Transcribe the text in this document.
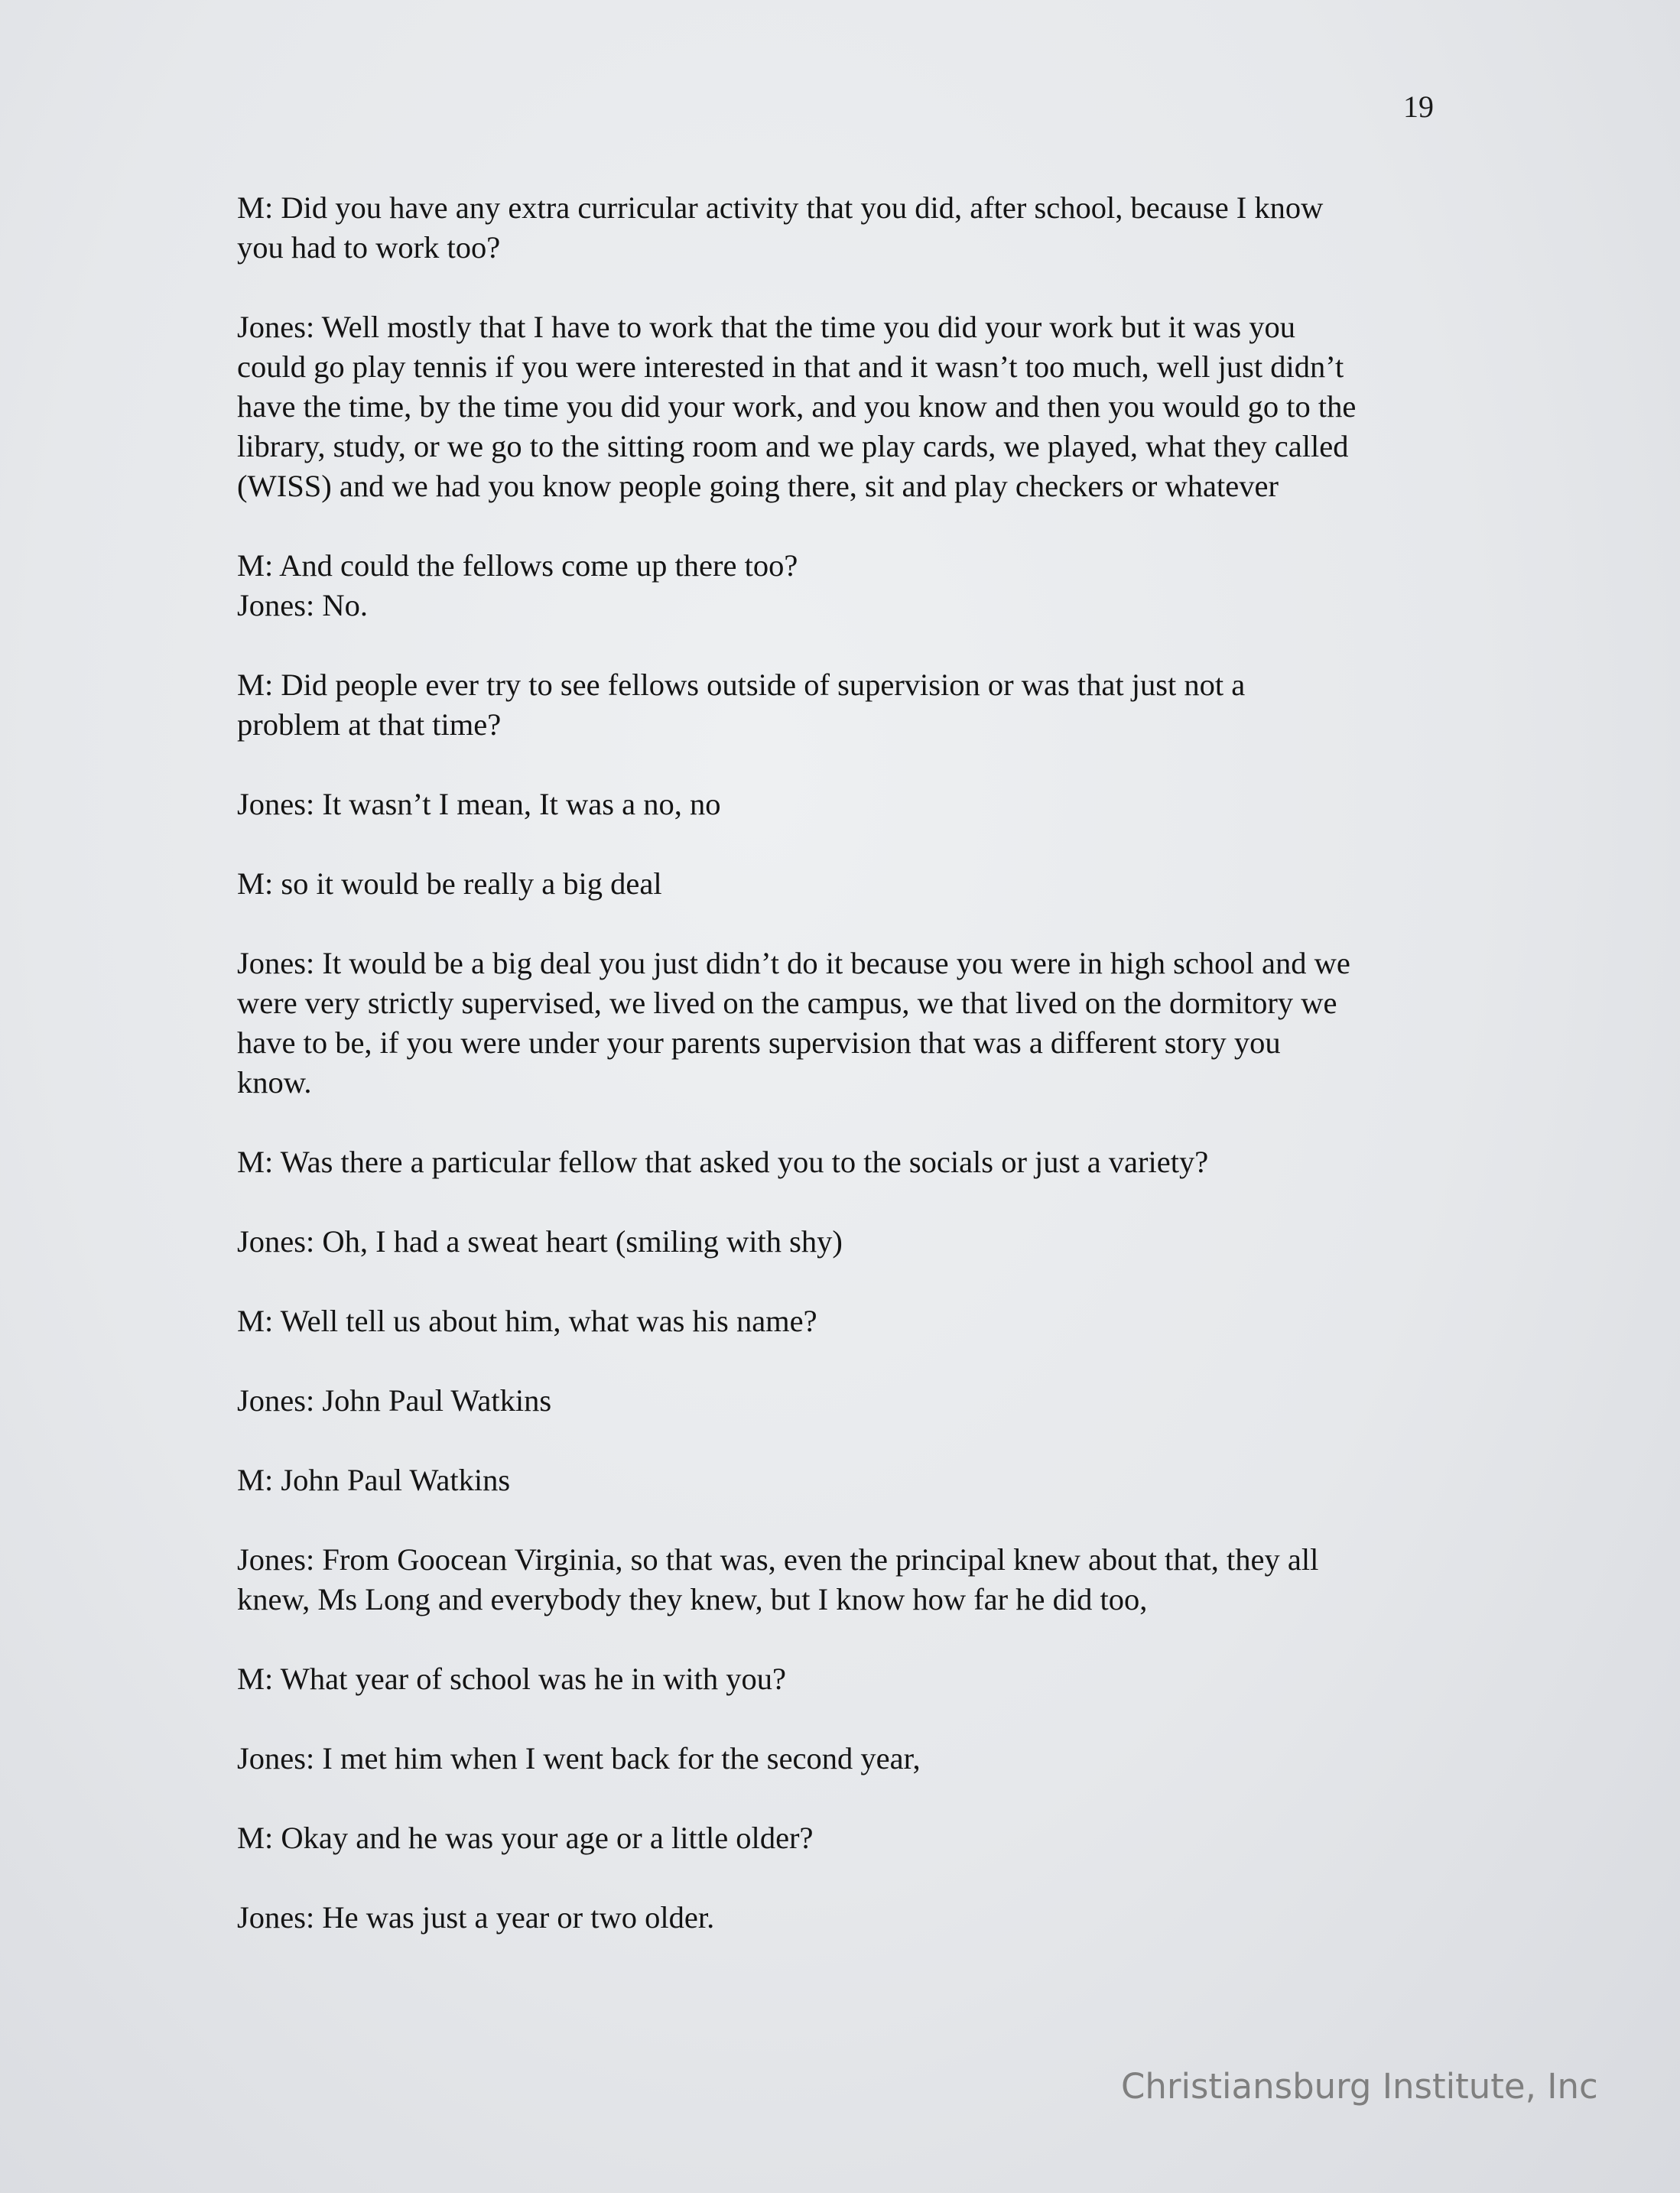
19
M: Did you have any extra curricular activity that you did, after school, because I know
you had to work too?
Jones: Well mostly that I have to work that the time you did your work but it was you
could go play tennis if you were interested in that and it wasn’t too much, well just didn’t
have the time, by the time you did your work, and you know and then you would go to the
library, study, or we go to the sitting room and we play cards, we played, what they called
(WISS) and we had you know people going there, sit and play checkers or whatever
M: And could the fellows come up there too?
Jones: No.
M: Did people ever try to see fellows outside of supervision or was that just not a
problem at that time?
Jones: It wasn’t I mean, It was a no, no
M: so it would be really a big deal
Jones: It would be a big deal you just didn’t do it because you were in high school and we
were very strictly supervised, we lived on the campus, we that lived on the dormitory we
have to be, if you were under your parents supervision that was a different story you
know.
M: Was there a particular fellow that asked you to the socials or just a variety?
Jones: Oh, I had a sweat heart (smiling with shy)
M: Well tell us about him, what was his name?
Jones: John Paul Watkins
M: John Paul Watkins
Jones: From Goocean Virginia, so that was, even the principal knew about that, they all
knew, Ms Long and everybody they knew, but I know how far he did too,
M: What year of school was he in with you?
Jones: I met him when I went back for the second year,
M: Okay and he was your age or a little older?
Jones: He was just a year or two older.
Christiansburg Institute, Inc
